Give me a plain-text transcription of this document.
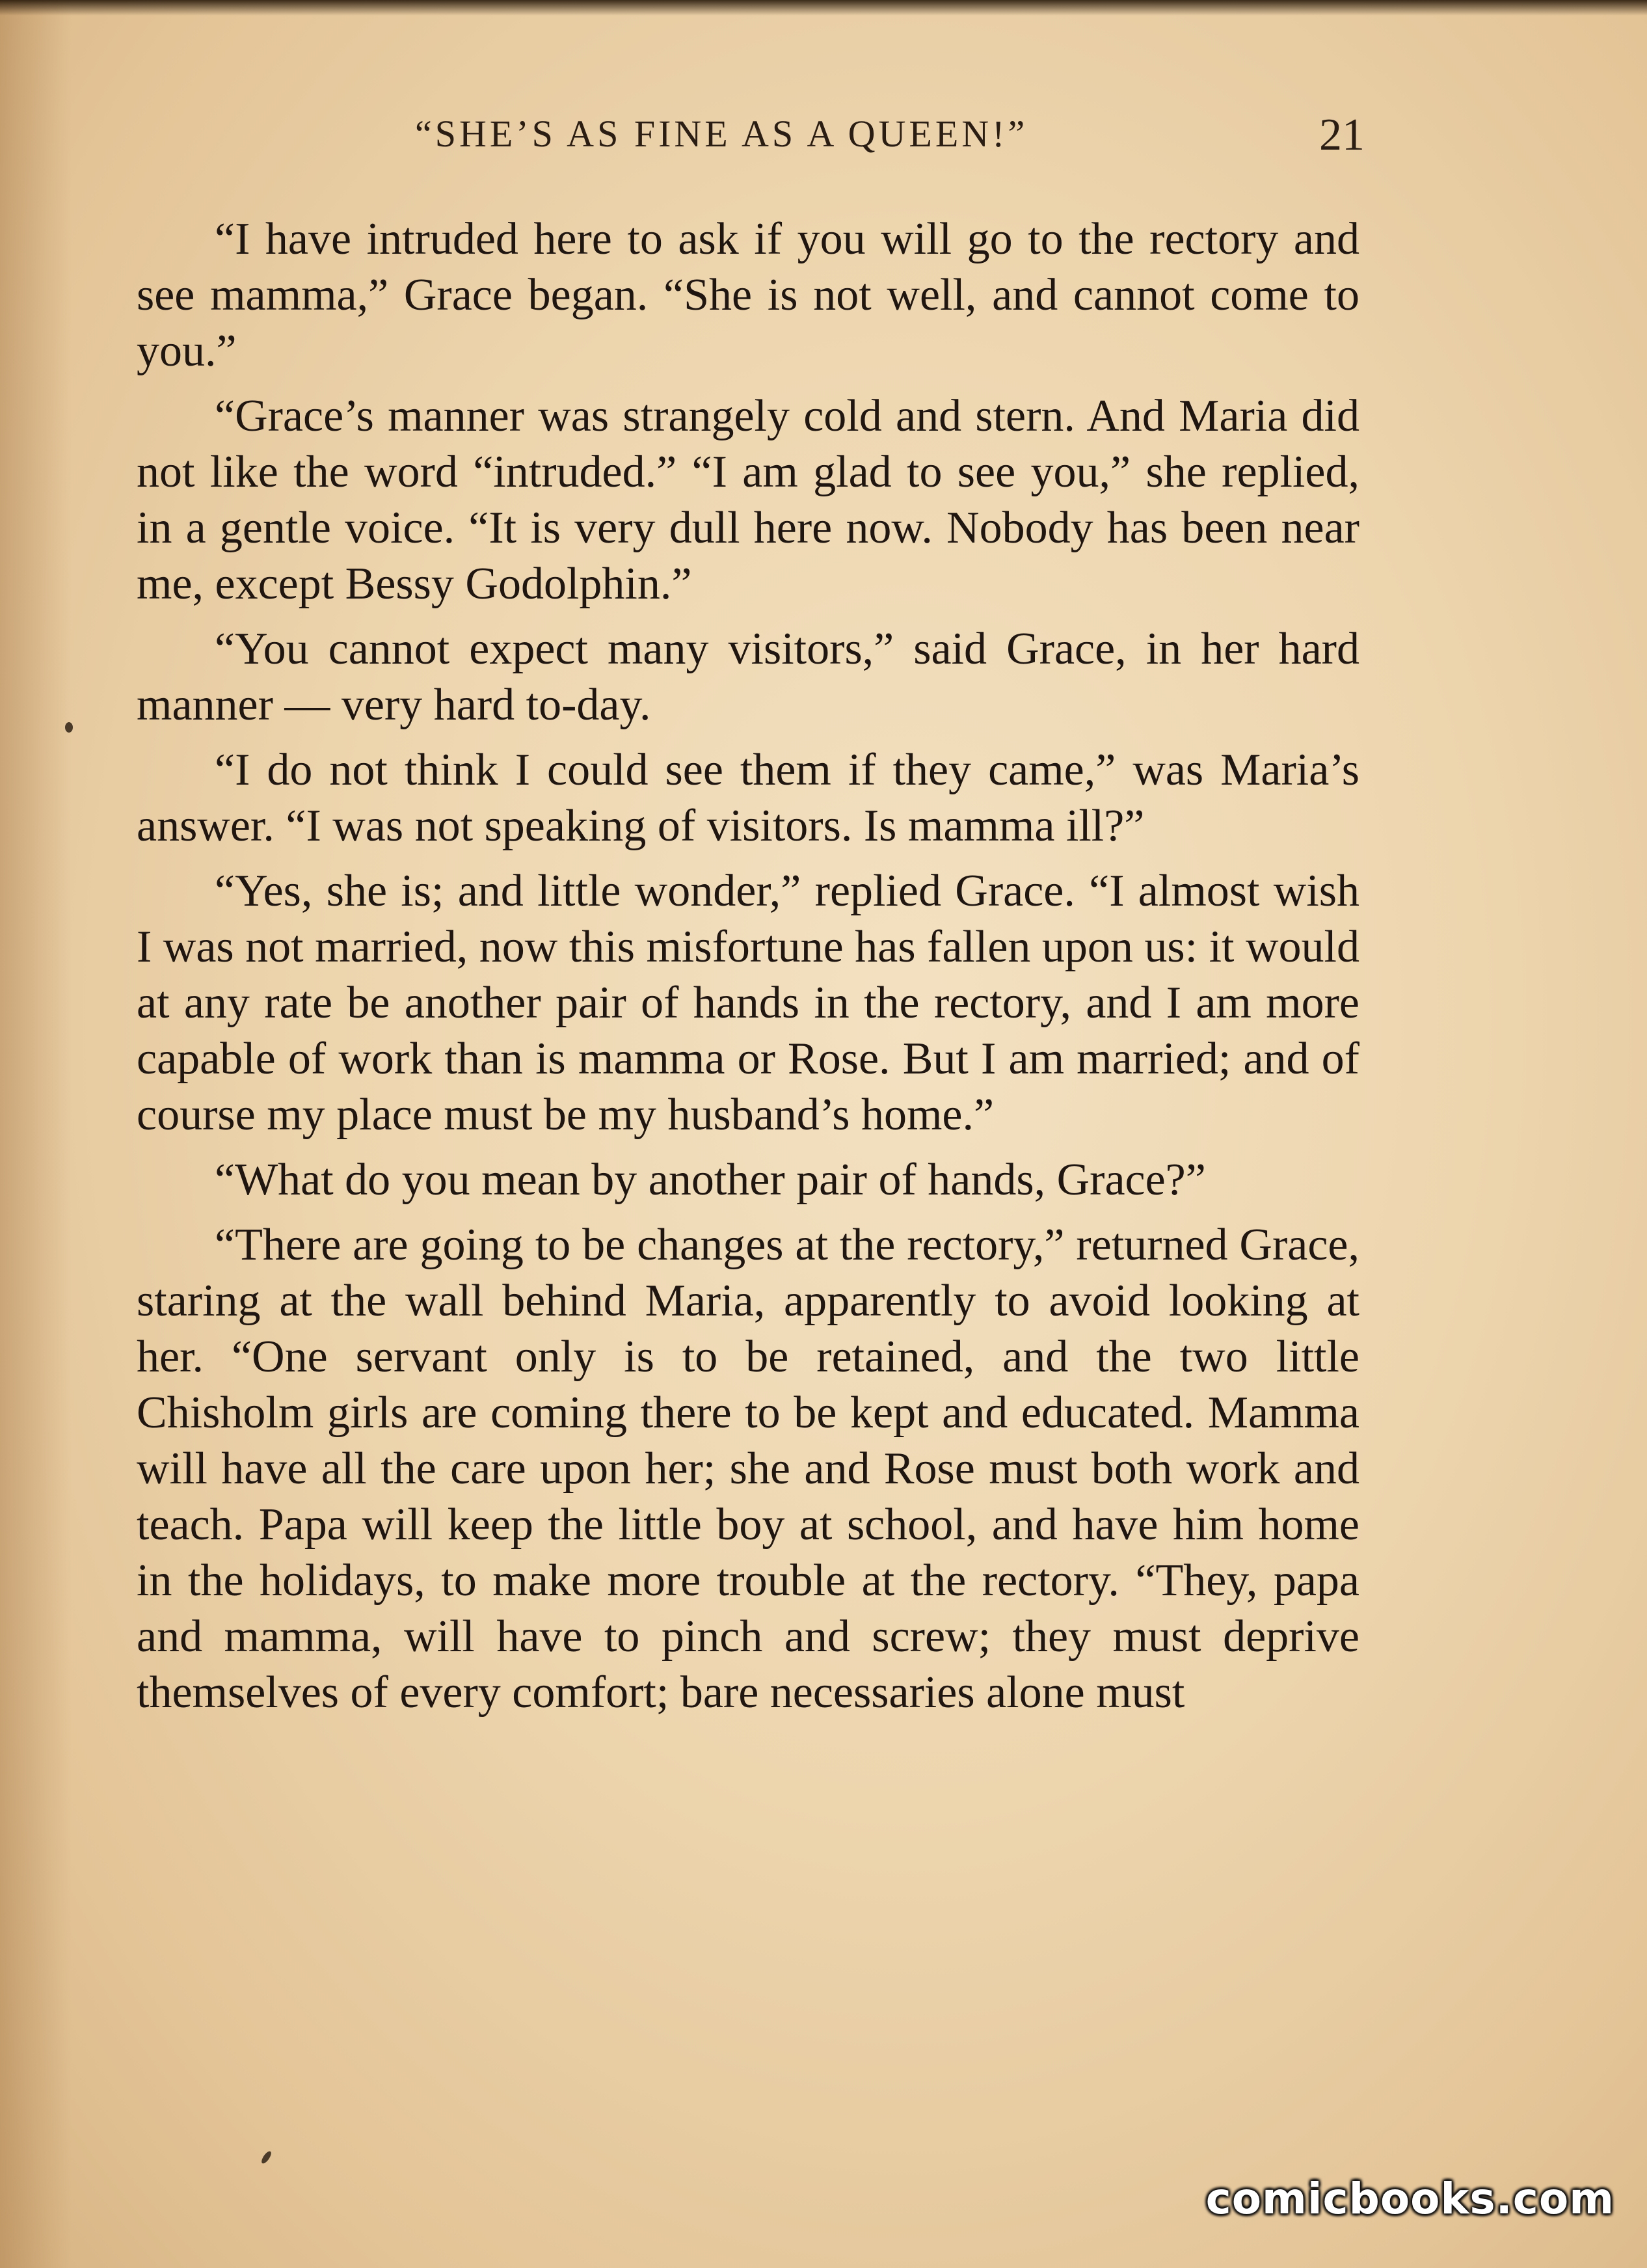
“SHE’S AS FINE AS A QUEEN!”	21

“I have intruded here to ask if you will go to the rectory and see mamma,” Grace began. “She is not well, and cannot come to you.”

“Grace’s manner was strangely cold and stern. And Maria did not like the word “intruded.” “I am glad to see you,” she replied, in a gentle voice. “It is very dull here now. Nobody has been near me, except Bessy Godolphin.”

“You cannot expect many visitors,” said Grace, in her hard manner — very hard to-day.

“I do not think I could see them if they came,” was Maria’s answer. “I was not speaking of visitors. Is mamma ill?”

“Yes, she is; and little wonder,” replied Grace. “I almost wish I was not married, now this misfortune has fallen upon us: it would at any rate be another pair of hands in the rectory, and I am more capable of work than is mamma or Rose. But I am married; and of course my place must be my husband’s home.”

“What do you mean by another pair of hands, Grace?”

“There are going to be changes at the rectory,” returned Grace, staring at the wall behind Maria, apparently to avoid looking at her. “One servant only is to be retained, and the two little Chisholm girls are coming there to be kept and educated. Mamma will have all the care upon her; she and Rose must both work and teach. Papa will keep the little boy at school, and have him home in the holidays, to make more trouble at the rectory. “They, papa and mamma, will have to pinch and screw; they must deprive themselves of every comfort; bare necessaries alone must

comicbooks.com
